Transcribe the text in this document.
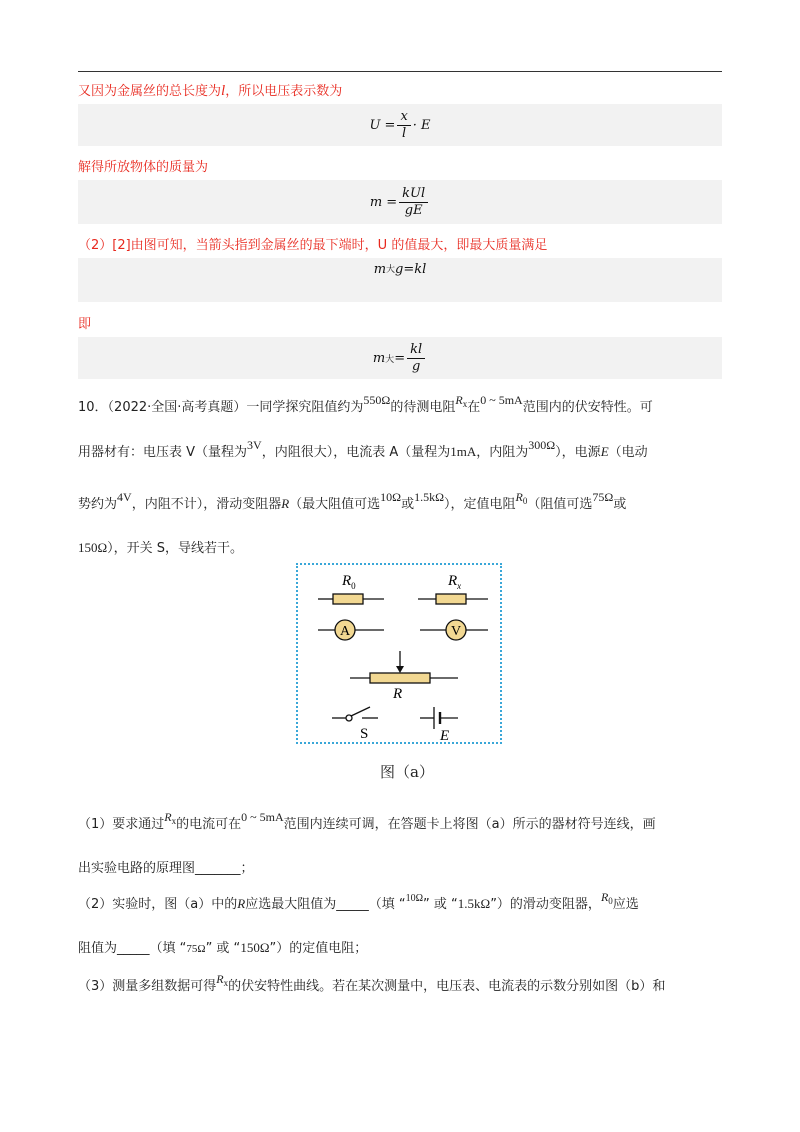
又因为金属丝的总长度为l，所以电压表示数为
$U = \frac{x}{l} \cdot E$
解得所放物体的质量为
$m = \frac{\text{kUl}}{gE}$
（2）[2]由图可知，当箭头指到金属丝的最下端时，U 的值最大，即最大质量满足
m 大 g=kl
即
m 大 = $\frac{kl}{g}$
10．（2022·全国·高考真题）一同学探究阻值约为550Ω的待测电阻$R_x$在0 ~ 5mA范围内的伏安特性。可
用器材有：电压表 V（量程为3V，内阻很大），电流表 A（量程为1mA，内阻为300Ω），电源E（电动
势约为4V，内阻不计），滑动变阻器R（最大阻值可选10Ω或1.5kΩ），定值电阻$R_0$（阻值可选75Ω或
150Ω），开关 S，导线若干。
$R_0$	$R_x$
A	V
R
S	E
图（a）
（1）要求通过$R_x$的电流可在0 ~ 5mA范围内连续可调，在答题卡上将图（a）所示的器材符号连线，画
出实验电路的原理图_______；
（2）实验时，图（a）中的R应选最大阻值为_____（填 “$^{10\Omega}$” 或 “1.5kΩ”）的滑动变阻器，$R_0$应选
阻值为_____（填 “75Ω” 或 “150Ω”）的定值电阻；
（3）测量多组数据可得$R_x$的伏安特性曲线。若在某次测量中，电压表、电流表的示数分别如图（b）和
